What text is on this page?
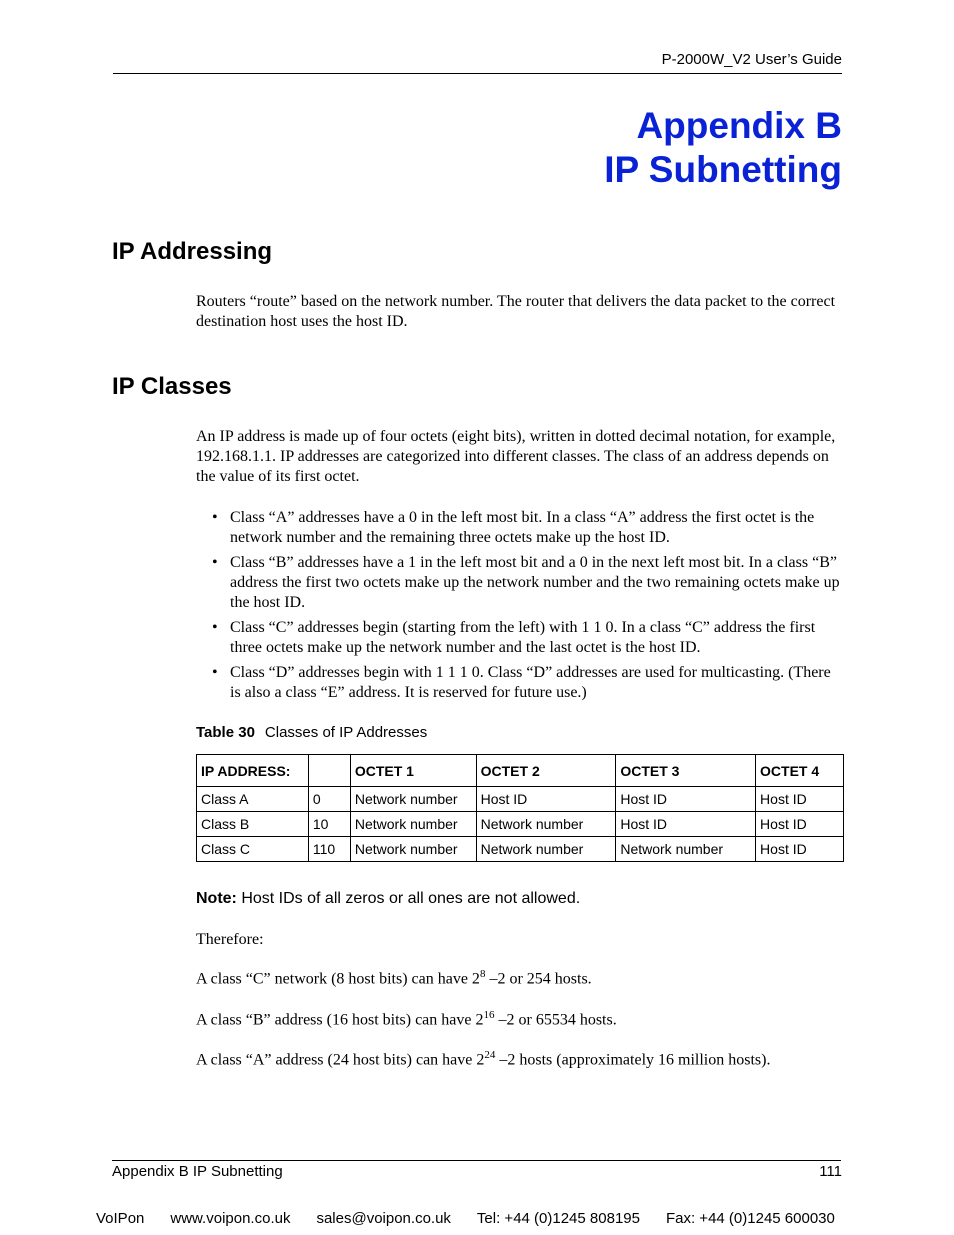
P-2000W_V2 User’s Guide
Appendix B
IP Subnetting
IP Addressing
Routers “route” based on the network number. The router that delivers the data packet to the correct destination host uses the host ID.
IP Classes
An IP address is made up of four octets (eight bits), written in dotted decimal notation, for example, 192.168.1.1. IP addresses are categorized into different classes. The class of an address depends on the value of its first octet.
• Class “A” addresses have a 0 in the left most bit. In a class “A” address the first octet is the network number and the remaining three octets make up the host ID.
• Class “B” addresses have a 1 in the left most bit and a 0 in the next left most bit. In a class “B” address the first two octets make up the network number and the two remaining octets make up the host ID.
• Class “C” addresses begin (starting from the left) with 1 1 0. In a class “C” address the first three octets make up the network number and the last octet is the host ID.
• Class “D” addresses begin with 1 1 1 0. Class “D” addresses are used for multicasting. (There is also a class “E” address. It is reserved for future use.)
Table 30 Classes of IP Addresses
IP ADDRESS:		OCTET 1	OCTET 2	OCTET 3	OCTET 4
Class A	0	Network number	Host ID	Host ID	Host ID
Class B	10	Network number	Network number	Host ID	Host ID
Class C	110	Network number	Network number	Network number	Host ID
Note: Host IDs of all zeros or all ones are not allowed.
Therefore:
A class “C” network (8 host bits) can have $2^8$ –2 or 254 hosts.
A class “B” address (16 host bits) can have $2^{16}$ –2 or 65534 hosts.
A class “A” address (24 host bits) can have $2^{24}$ –2 hosts (approximately 16 million hosts).
Appendix B IP Subnetting	111
VoIPon www.voipon.co.uk sales@voipon.co.uk Tel: +44 (0)1245 808195 Fax: +44 (0)1245 600030
